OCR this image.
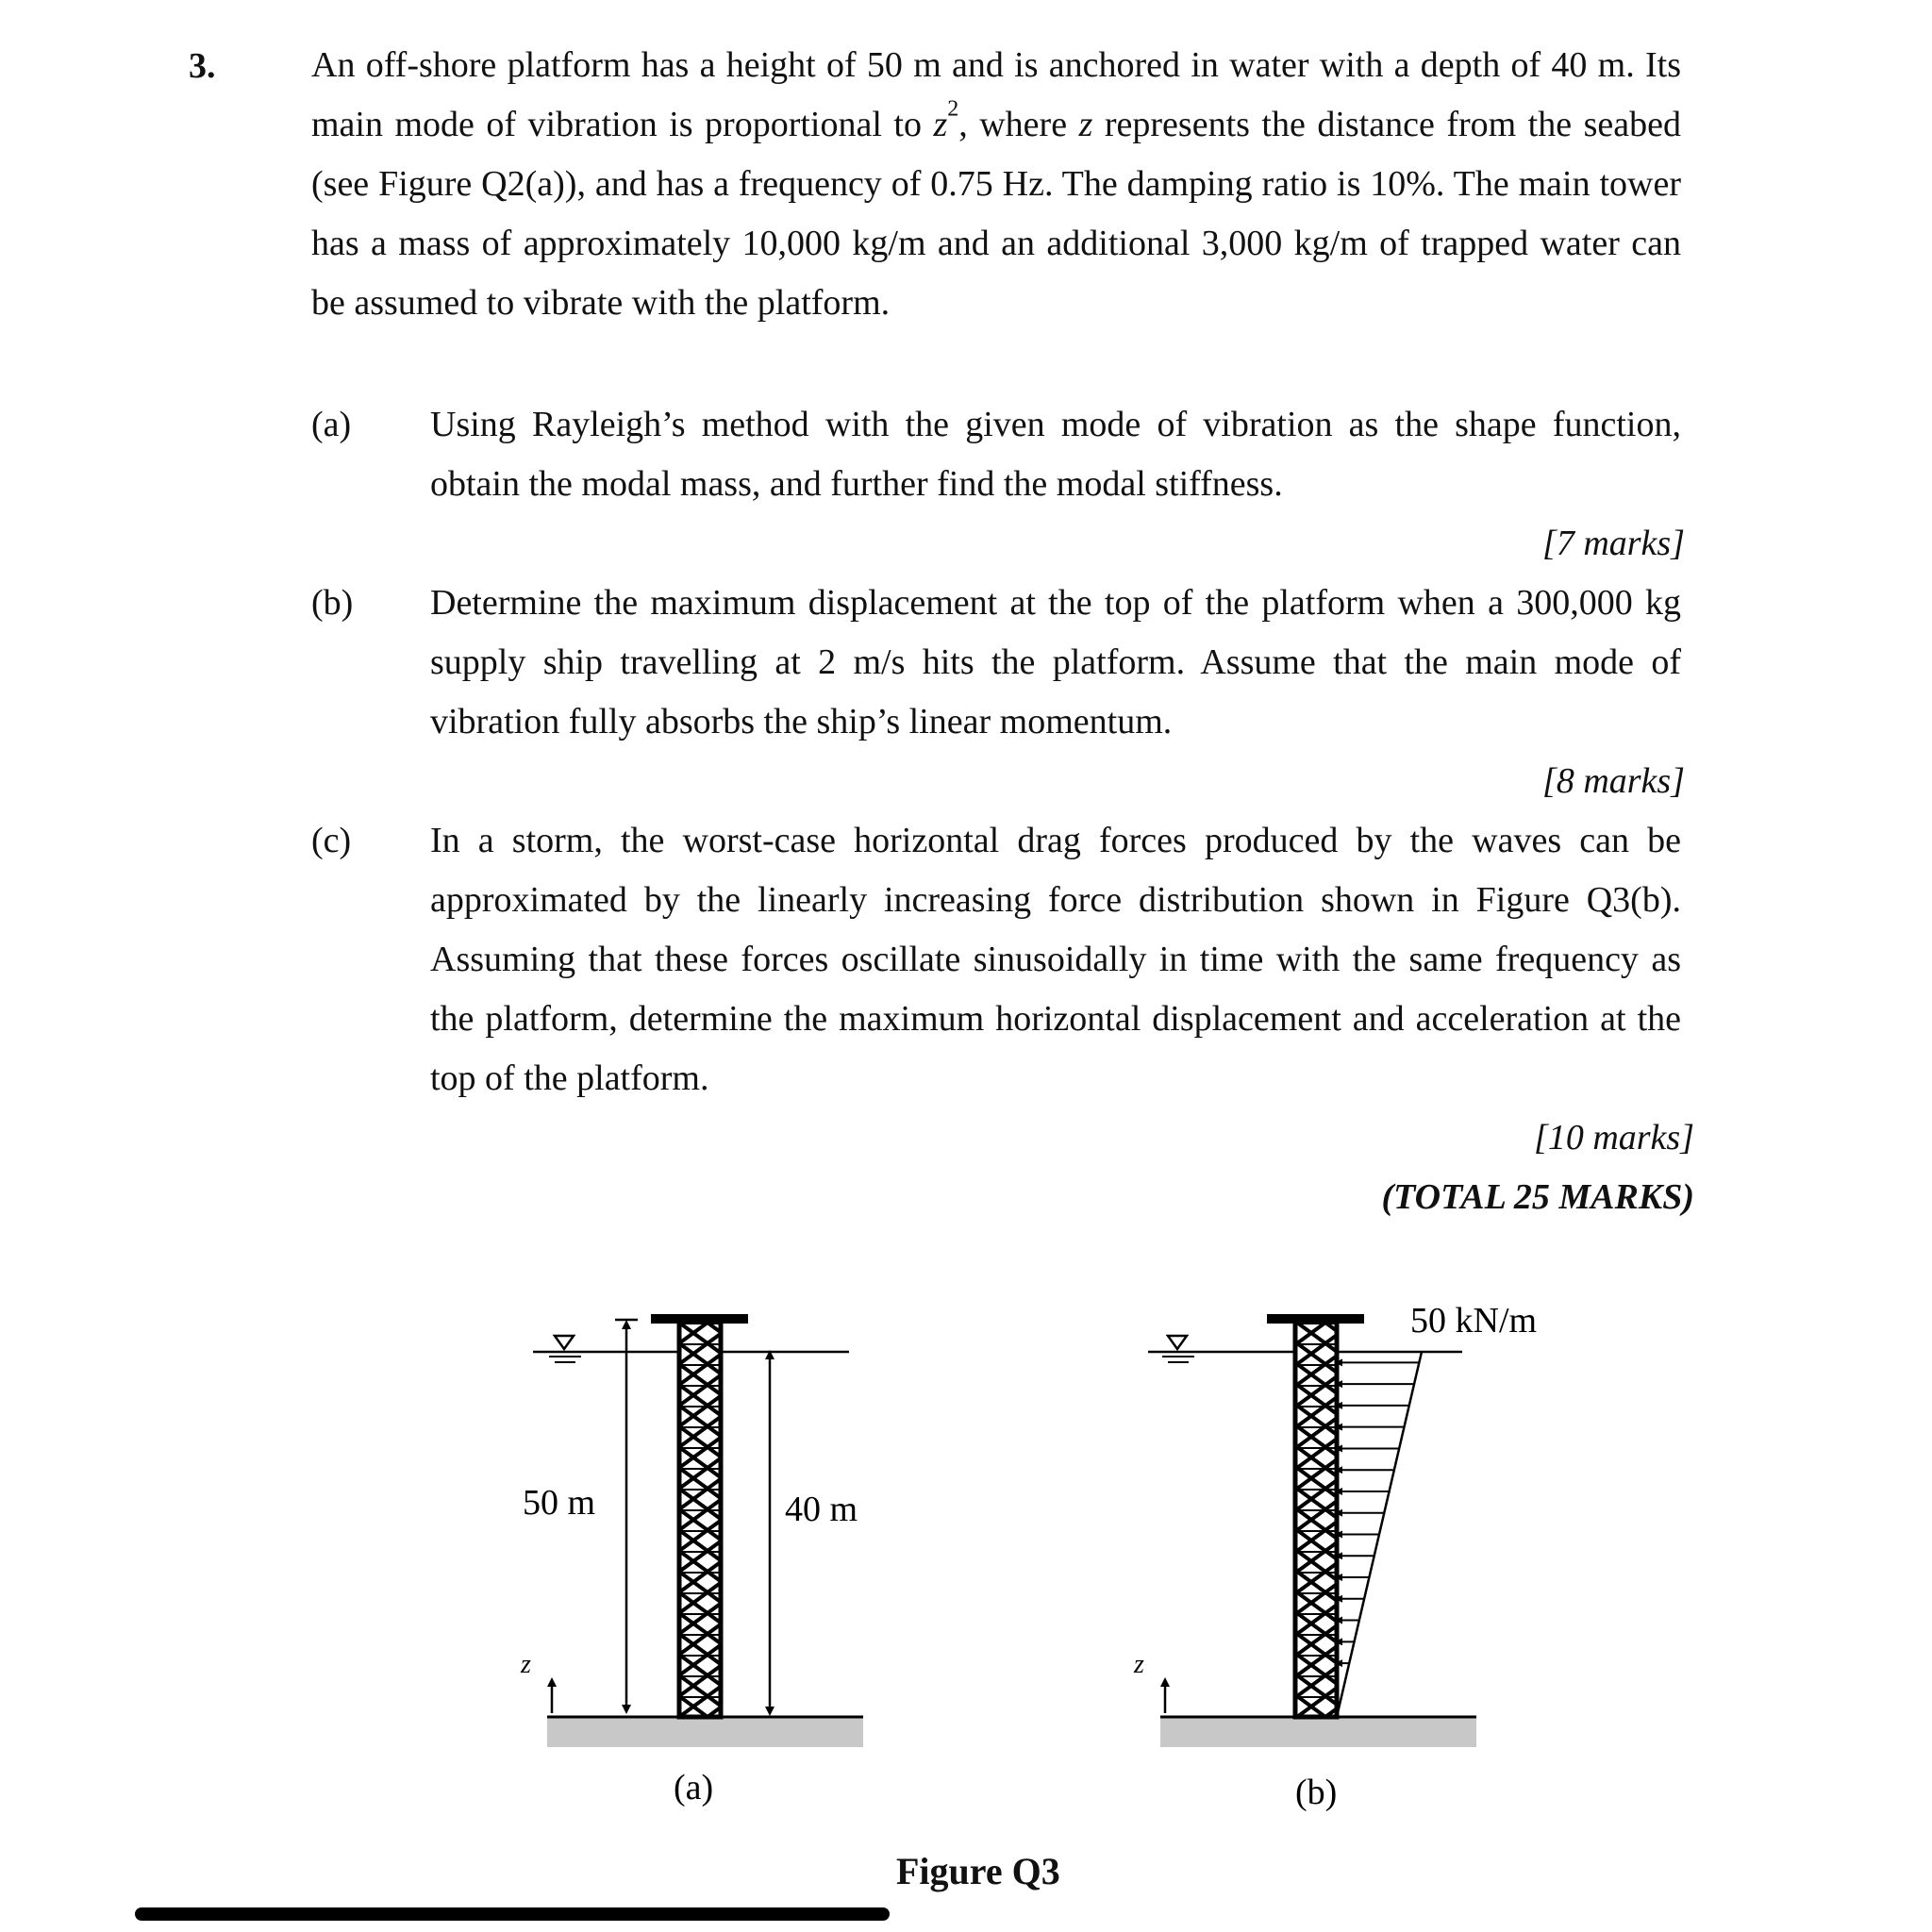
3.	An off-shore platform has a height of 50 m and is anchored in water with a depth of 40 m. Its main mode of vibration is proportional to $z^2$, where z represents the distance from the seabed (see Figure Q2(a)), and has a frequency of 0.75 Hz. The damping ratio is 10%. The main tower has a mass of approximately 10,000 kg/m and an additional 3,000 kg/m of trapped water can be assumed to vibrate with the platform.
(a) Using Rayleigh’s method with the given mode of vibration as the shape function, obtain the modal mass, and further find the modal stiffness.
[7 marks]
(b) Determine the maximum displacement at the top of the platform when a 300,000 kg supply ship travelling at 2 m/s hits the platform. Assume that the main mode of vibration fully absorbs the ship’s linear momentum.
[8 marks]
(c) In a storm, the worst-case horizontal drag forces produced by the waves can be approximated by the linearly increasing force distribution shown in Figure Q3(b). Assuming that these forces oscillate sinusoidally in time with the same frequency as the platform, determine the maximum horizontal displacement and acceleration at the top of the platform.
[10 marks]
(TOTAL 25 MARKS)
z
50 m	40 m
(a)
z
50 kN/m
(b)
Figure Q3
